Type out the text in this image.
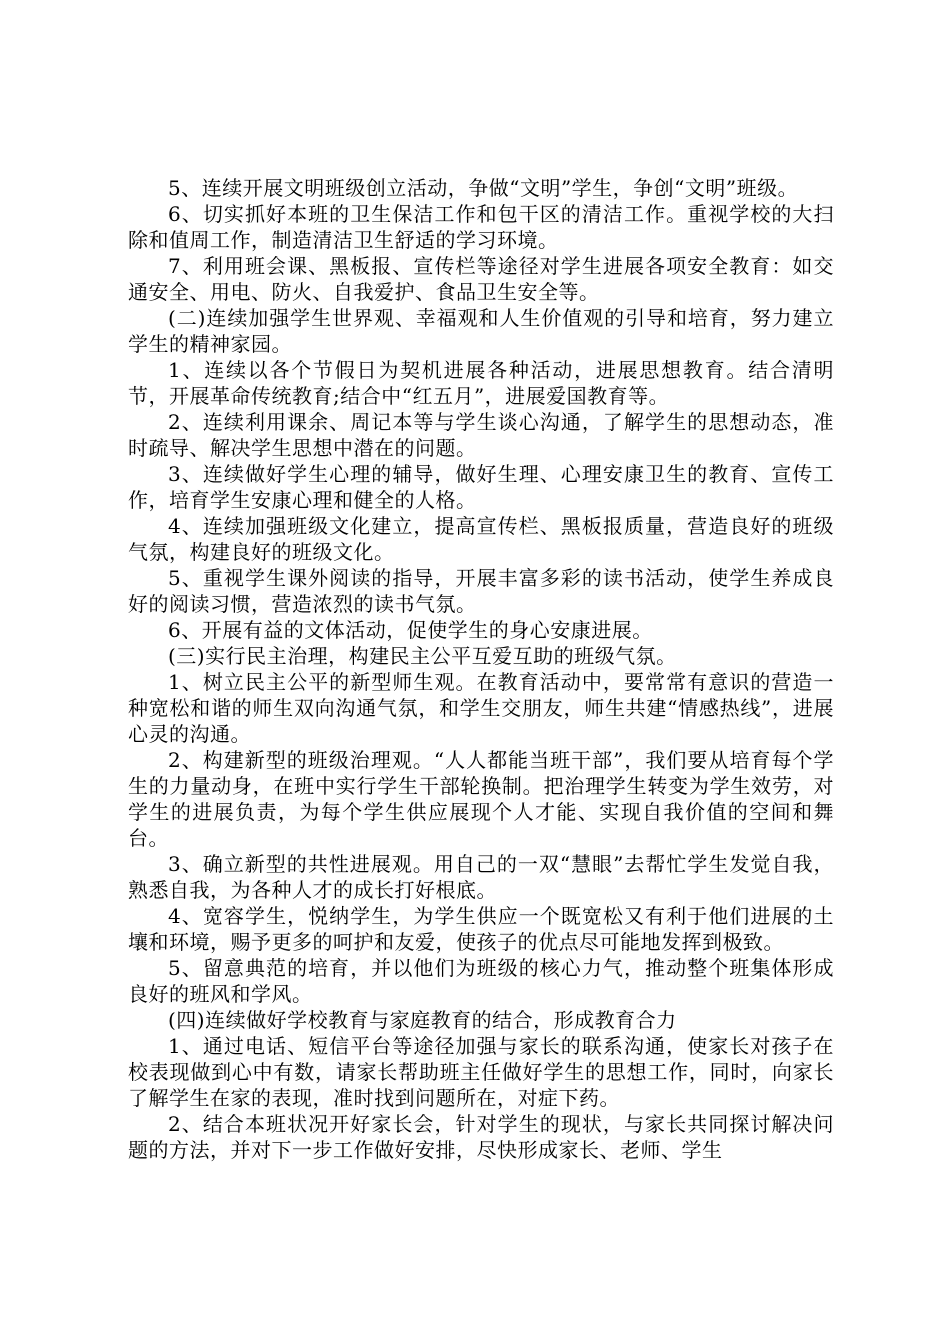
5、连续开展文明班级创立活动，争做“文明”学生，争创“文明”班级。

6、切实抓好本班的卫生保洁工作和包干区的清洁工作。重视学校的大扫除和值周工作，制造清洁卫生舒适的学习环境。

7、利用班会课、黑板报、宣传栏等途径对学生进展各项安全教育：如交通安全、用电、防火、自我爱护、食品卫生安全等。

(二)连续加强学生世界观、幸福观和人生价值观的引导和培育，努力建立学生的精神家园。

1、连续以各个节假日为契机进展各种活动，进展思想教育。结合清明节，开展革命传统教育;结合中“红五月”，进展爱国教育等。

2、连续利用课余、周记本等与学生谈心沟通，了解学生的思想动态，准时疏导、解决学生思想中潜在的问题。

3、连续做好学生心理的辅导，做好生理、心理安康卫生的教育、宣传工作，培育学生安康心理和健全的人格。

4、连续加强班级文化建立，提高宣传栏、黑板报质量，营造良好的班级气氛，构建良好的班级文化。

5、重视学生课外阅读的指导，开展丰富多彩的读书活动，使学生养成良好的阅读习惯，营造浓烈的读书气氛。

6、开展有益的文体活动，促使学生的身心安康进展。

(三)实行民主治理，构建民主公平互爱互助的班级气氛。

1、树立民主公平的新型师生观。在教育活动中，要常常有意识的营造一种宽松和谐的师生双向沟通气氛，和学生交朋友，师生共建“情感热线”，进展心灵的沟通。

2、构建新型的班级治理观。“人人都能当班干部”，我们要从培育每个学生的力量动身，在班中实行学生干部轮换制。把治理学生转变为学生效劳，对学生的进展负责，为每个学生供应展现个人才能、实现自我价值的空间和舞台。

3、确立新型的共性进展观。用自己的一双“慧眼”去帮忙学生发觉自我，熟悉自我，为各种人才的成长打好根底。

4、宽容学生，悦纳学生，为学生供应一个既宽松又有利于他们进展的土壤和环境，赐予更多的呵护和友爱，使孩子的优点尽可能地发挥到极致。

5、留意典范的培育，并以他们为班级的核心力气，推动整个班集体形成良好的班风和学风。

(四)连续做好学校教育与家庭教育的结合，形成教育合力

1、通过电话、短信平台等途径加强与家长的联系沟通，使家长对孩子在校表现做到心中有数，请家长帮助班主任做好学生的思想工作，同时，向家长了解学生在家的表现，准时找到问题所在，对症下药。

2、结合本班状况开好家长会，针对学生的现状，与家长共同探讨解决问题的方法，并对下一步工作做好安排，尽快形成家长、老师、学生
